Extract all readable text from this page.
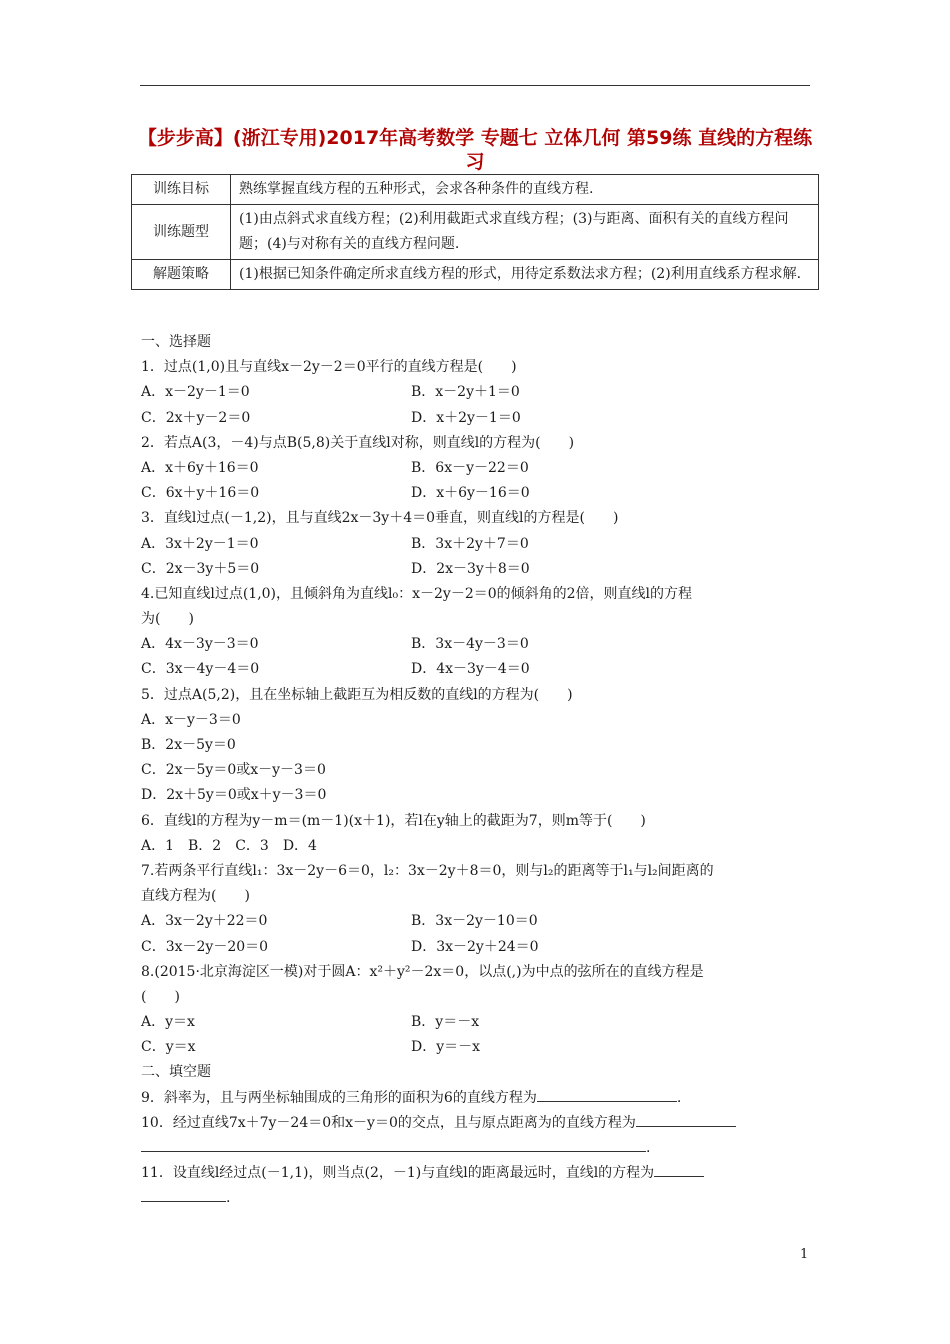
【步步高】(浙江专用)2017年高考数学 专题七 立体几何 第59练 直线的方程练习
训练目标	熟练掌握直线方程的五种形式，会求各种条件的直线方程.
训练题型	(1)由点斜式求直线方程；(2)利用截距式求直线方程；(3)与距离、面积有关的直线方程问题；(4)与对称有关的直线方程问题.
解题策略	(1)根据已知条件确定所求直线方程的形式，用待定系数法求方程；(2)利用直线系方程求解.
一、选择题
1．过点(1,0)且与直线x－2y－2＝0平行的直线方程是(　　)
A．x－2y－1＝0	B．x－2y＋1＝0
C．2x＋y－2＝0	D．x＋2y－1＝0
2．若点A(3，－4)与点B(5,8)关于直线l对称，则直线l的方程为(　　)
A．x＋6y＋16＝0	B．6x－y－22＝0
C．6x＋y＋16＝0	D．x＋6y－16＝0
3．直线l过点(－1,2)，且与直线2x－3y＋4＝0垂直，则直线l的方程是(　　)
A．3x＋2y－1＝0	B．3x＋2y＋7＝0
C．2x－3y＋5＝0	D．2x－3y＋8＝0
4.已知直线l过点(1,0)，且倾斜角为直线l₀：x－2y－2＝0的倾斜角的2倍，则直线l的方程
为(　　)
A．4x－3y－3＝0	B．3x－4y－3＝0
C．3x－4y－4＝0	D．4x－3y－4＝0
5．过点A(5,2)，且在坐标轴上截距互为相反数的直线l的方程为(　　)
A．x－y－3＝0
B．2x－5y＝0
C．2x－5y＝0或x－y－3＝0
D．2x＋5y＝0或x＋y－3＝0
6．直线l的方程为y－m＝(m－1)(x＋1)，若l在y轴上的截距为7，则m等于(　　)
A．1　B．2　C．3　D．4
7.若两条平行直线l₁：3x－2y－6＝0，l₂：3x－2y＋8＝0，则与l₂的距离等于l₁与l₂间距离的
直线方程为(　　)
A．3x－2y＋22＝0	B．3x－2y－10＝0
C．3x－2y－20＝0	D．3x－2y＋24＝0
8.(2015·北京海淀区一模)对于圆A：x²＋y²－2x＝0，以点(,)为中点的弦所在的直线方程是
(　　)
A．y＝x	B．y＝－x
C．y＝x	D．y＝－x
二、填空题
9．斜率为，且与两坐标轴围成的三角形的面积为6的直线方程为	.
10．经过直线7x＋7y－24＝0和x－y＝0的交点，且与原点距离为的直线方程为
.
11．设直线l经过点(－1,1)，则当点(2，－1)与直线l的距离最远时，直线l的方程为
.
1
